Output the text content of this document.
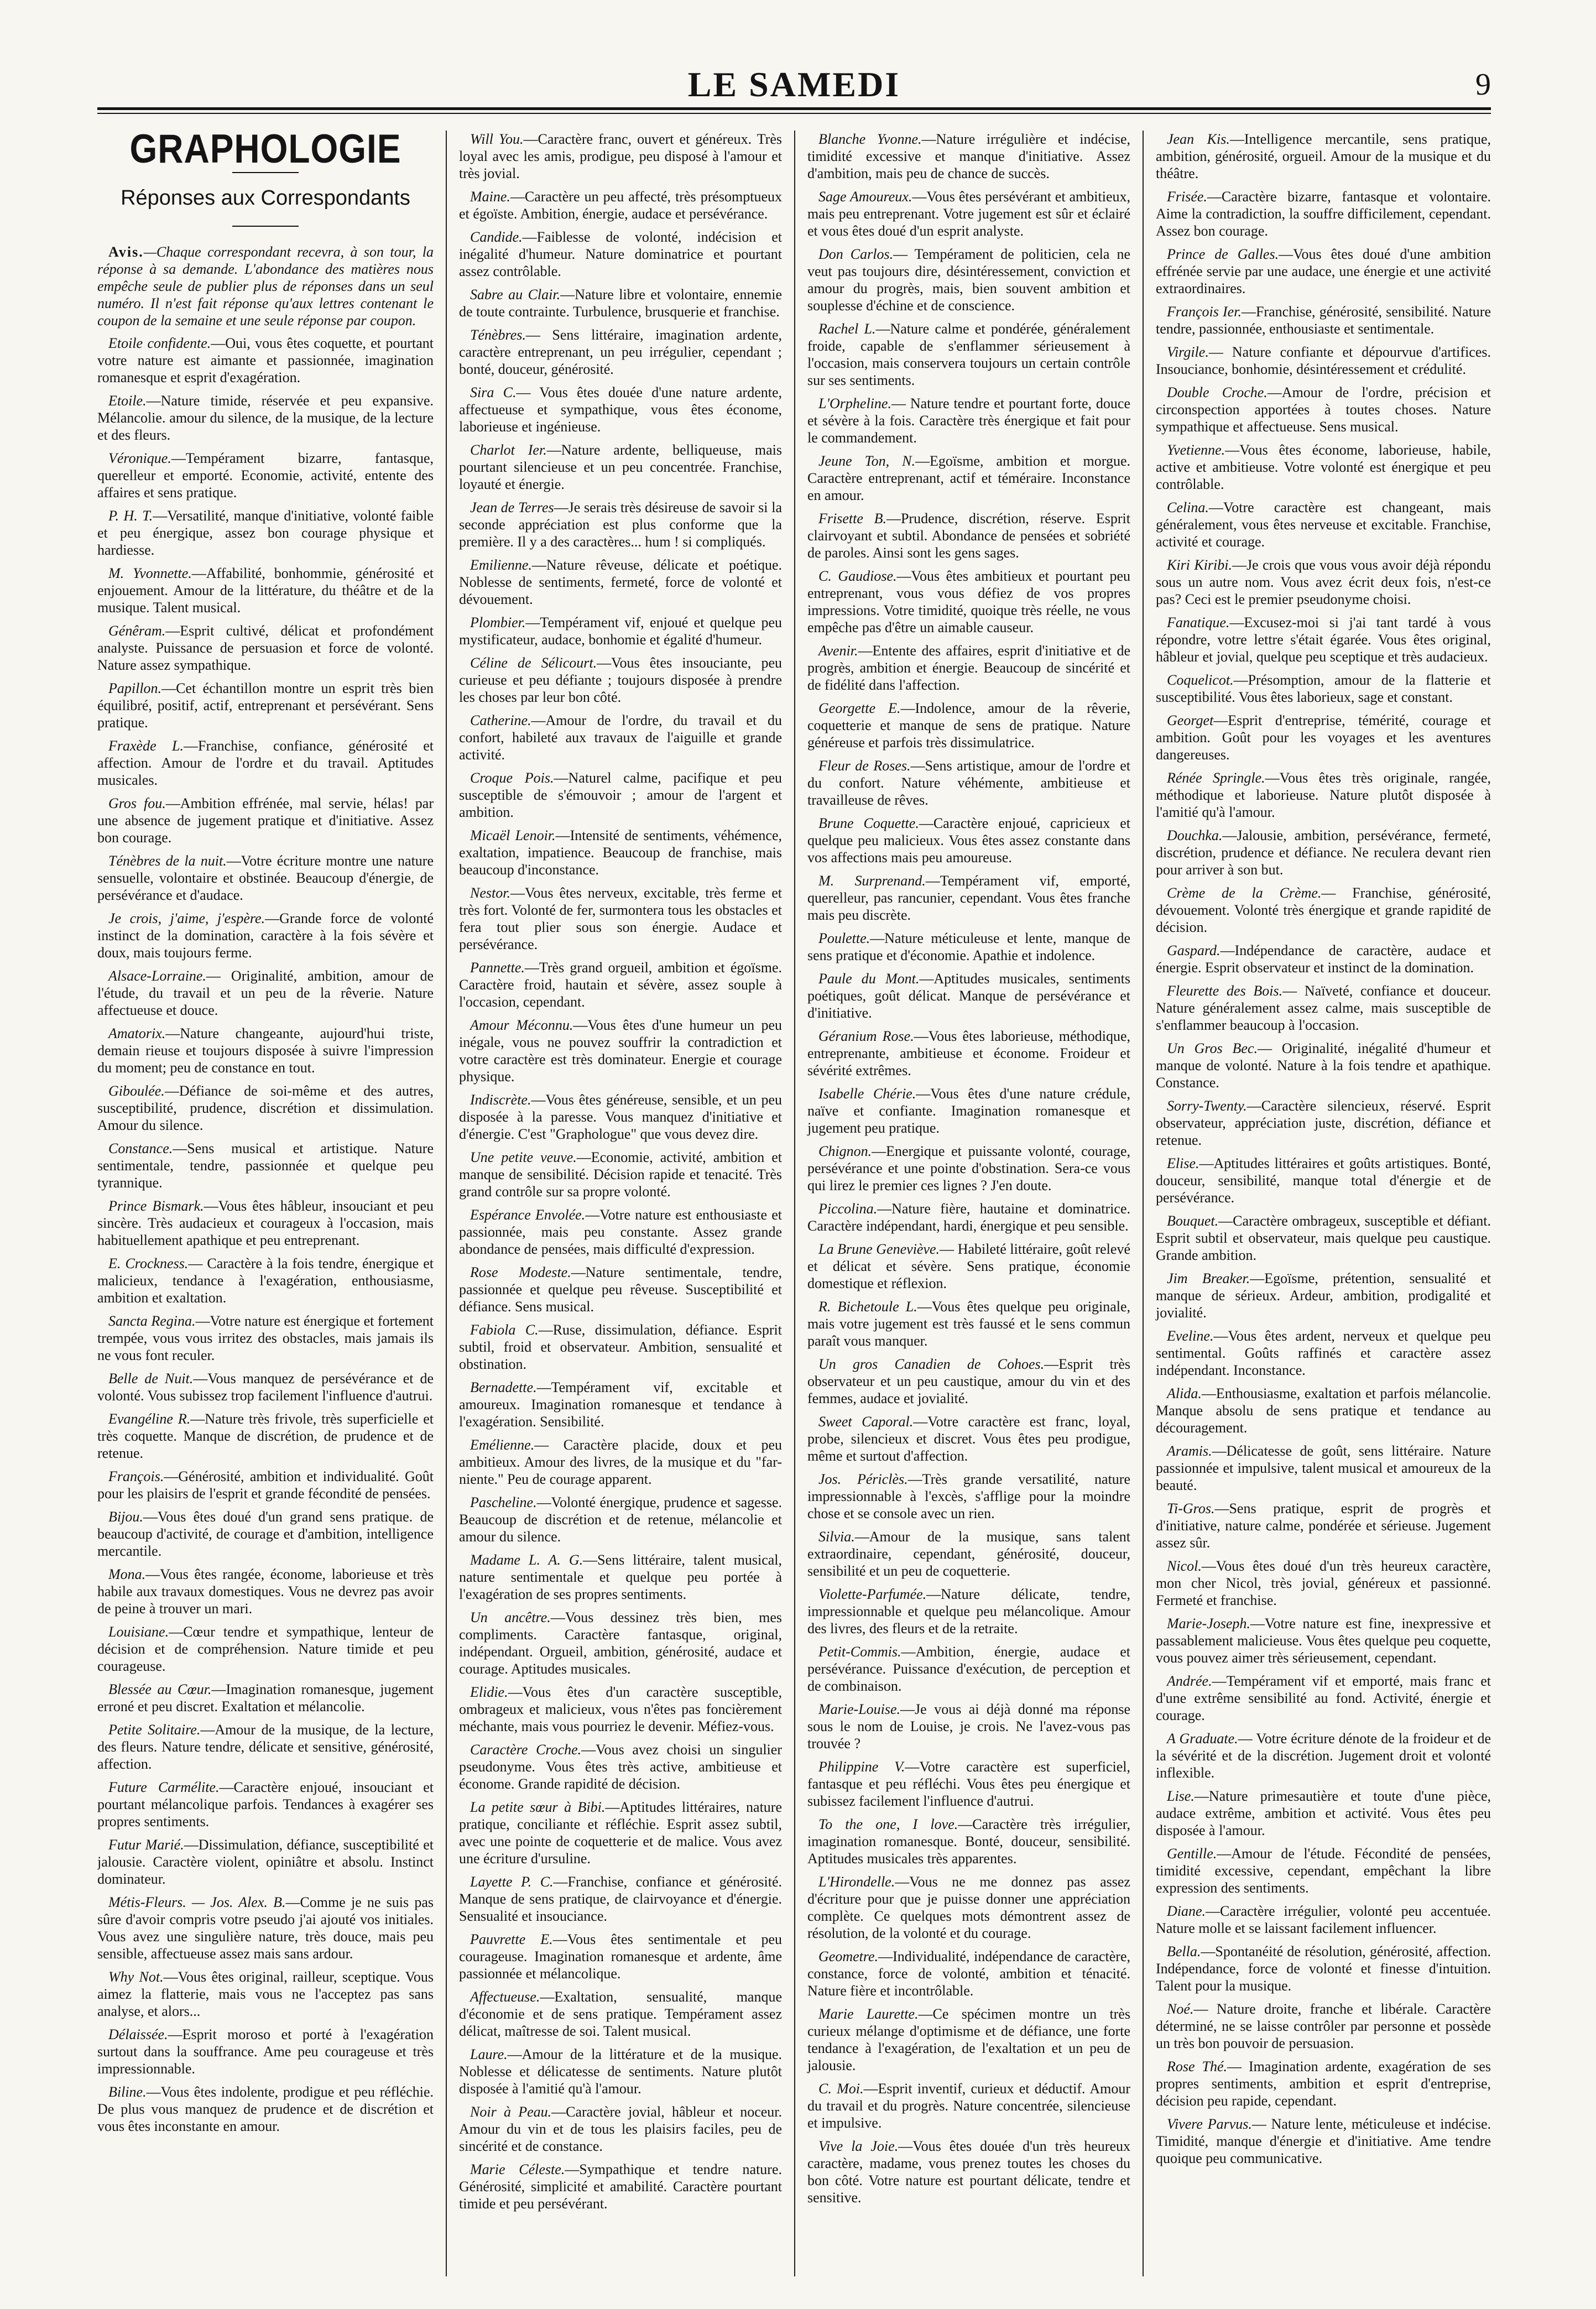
LE SAMEDI	9
GRAPHOLOGIE
Réponses aux Correspondants

Avis.—Chaque correspondant recevra, à son tour, la réponse à sa demande. L'abondance des matières nous empêche seule de publier plus de réponses dans un seul numéro. Il n'est fait réponse qu'aux lettres contenant le coupon de la semaine et une seule réponse par coupon.

Etoile confidente.—Oui, vous êtes coquette, et pourtant votre nature est aimante et passionnée, imagination romanesque et esprit d'exagération.

Etoile.—Nature timide, réservée et peu expansive. Mélancolie. amour du silence, de la musique, de la lecture et des fleurs.

Véronique.—Tempérament bizarre, fantasque, querelleur et emporté. Economie, activité, entente des affaires et sens pratique.

P. H. T.—Versatilité, manque d'initiative, volonté faible et peu énergique, assez bon courage physique et hardiesse.

M. Yvonnette.—Affabilité, bonhommie, générosité et enjouement. Amour de la littérature, du théâtre et de la musique. Talent musical.

Génêram.—Esprit cultivé, délicat et profondément analyste. Puissance de persuasion et force de volonté. Nature assez sympathique.

Papillon.—Cet échantillon montre un esprit très bien équilibré, positif, actif, entreprenant et persévérant. Sens pratique.

Fraxède L.—Franchise, confiance, générosité et affection. Amour de l'ordre et du travail. Aptitudes musicales.

Gros fou.—Ambition effrénée, mal servie, hélas! par une absence de jugement pratique et d'initiative. Assez bon courage.

Ténèbres de la nuit.—Votre écriture montre une nature sensuelle, volontaire et obstinée. Beaucoup d'énergie, de persévérance et d'audace.

Je crois, j'aime, j'espère.—Grande force de volonté instinct de la domination, caractère à la fois sévère et doux, mais toujours ferme.

Alsace-Lorraine.— Originalité, ambition, amour de l'étude, du travail et un peu de la rêverie. Nature affectueuse et douce.

Amatorix.—Nature changeante, aujourd'hui triste, demain rieuse et toujours disposée à suivre l'impression du moment; peu de constance en tout.

Giboulée.—Défiance de soi-même et des autres, susceptibilité, prudence, discrétion et dissimulation. Amour du silence.

Constance.—Sens musical et artistique. Nature sentimentale, tendre, passionnée et quelque peu tyrannique.

Prince Bismark.—Vous êtes hâbleur, insouciant et peu sincère. Très audacieux et courageux à l'occasion, mais habituellement apathique et peu entreprenant.

E. Crockness.— Caractère à la fois tendre, énergique et malicieux, tendance à l'exagération, enthousiasme, ambition et exaltation.

Sancta Regina.—Votre nature est énergique et fortement trempée, vous vous irritez des obstacles, mais jamais ils ne vous font reculer.

Belle de Nuit.—Vous manquez de persévérance et de volonté. Vous subissez trop facilement l'influence d'autrui.

Evangéline R.—Nature très frivole, très superficielle et très coquette. Manque de discrétion, de prudence et de retenue.

François.—Générosité, ambition et individualité. Goût pour les plaisirs de l'esprit et grande fécondité de pensées.

Bijou.—Vous êtes doué d'un grand sens pratique. de beaucoup d'activité, de courage et d'ambition, intelligence mercantile.

Mona.—Vous êtes rangée, économe, laborieuse et très habile aux travaux domestiques. Vous ne devrez pas avoir de peine à trouver un mari.

Louisiane.—Cœur tendre et sympathique, lenteur de décision et de compréhension. Nature timide et peu courageuse.

Blessée au Cœur.—Imagination romanesque, jugement erroné et peu discret. Exaltation et mélancolie.

Petite Solitaire.—Amour de la musique, de la lecture, des fleurs. Nature tendre, délicate et sensitive, générosité, affection.

Future Carmélite.—Caractère enjoué, insouciant et pourtant mélancolique parfois. Tendances à exagérer ses propres sentiments.

Futur Marié.—Dissimulation, défiance, susceptibilité et jalousie. Caractère violent, opiniâtre et absolu. Instinct dominateur.

Métis-Fleurs. — Jos. Alex. B.—Comme je ne suis pas sûre d'avoir compris votre pseudo j'ai ajouté vos initiales. Vous avez une singulière nature, très douce, mais peu sensible, affectueuse assez mais sans ardour.

Why Not.—Vous êtes original, railleur, sceptique. Vous aimez la flatterie, mais vous ne l'acceptez pas sans analyse, et alors...

Délaissée.—Esprit moroso et porté à l'exagération surtout dans la souffrance. Ame peu courageuse et très impressionnable.

Biline.—Vous êtes indolente, prodigue et peu réfléchie. De plus vous manquez de prudence et de discrétion et vous êtes inconstante en amour.

Will You.—Caractère franc, ouvert et généreux. Très loyal avec les amis, prodigue, peu disposé à l'amour et très jovial.

Maine.—Caractère un peu affecté, très présomptueux et égoïste. Ambition, énergie, audace et persévérance.

Candide.—Faiblesse de volonté, indécision et inégalité d'humeur. Nature dominatrice et pourtant assez contrôlable.

Sabre au Clair.—Nature libre et volontaire, ennemie de toute contrainte. Turbulence, brusquerie et franchise.

Ténèbres.— Sens littéraire, imagination ardente, caractère entreprenant, un peu irrégulier, cependant ; bonté, douceur, générosité.

Sira C.— Vous êtes douée d'une nature ardente, affectueuse et sympathique, vous êtes économe, laborieuse et ingénieuse.

Charlot Ier.—Nature ardente, belliqueuse, mais pourtant silencieuse et un peu concentrée. Franchise, loyauté et énergie.

Jean de Terres—Je serais très désireuse de savoir si la seconde appréciation est plus conforme que la première. Il y a des caractères... hum ! si compliqués.

Emilienne.—Nature rêveuse, délicate et poétique. Noblesse de sentiments, fermeté, force de volonté et dévouement.

Plombier.—Tempérament vif, enjoué et quelque peu mystificateur, audace, bonhomie et égalité d'humeur.

Céline de Sélicourt.—Vous êtes insouciante, peu curieuse et peu défiante ; toujours disposée à prendre les choses par leur bon côté.

Catherine.—Amour de l'ordre, du travail et du confort, habileté aux travaux de l'aiguille et grande activité.

Croque Pois.—Naturel calme, pacifique et peu susceptible de s'émouvoir ; amour de l'argent et ambition.

Micaël Lenoir.—Intensité de sentiments, véhémence, exaltation, impatience. Beaucoup de franchise, mais beaucoup d'inconstance.

Nestor.—Vous êtes nerveux, excitable, très ferme et très fort. Volonté de fer, surmontera tous les obstacles et fera tout plier sous son énergie. Audace et persévérance.

Pannette.—Très grand orgueil, ambition et égoïsme. Caractère froid, hautain et sévère, assez souple à l'occasion, cependant.

Amour Méconnu.—Vous êtes d'une humeur un peu inégale, vous ne pouvez souffrir la contradiction et votre caractère est très dominateur. Energie et courage physique.

Indiscrète.—Vous êtes généreuse, sensible, et un peu disposée à la paresse. Vous manquez d'initiative et d'énergie. C'est "Graphologue" que vous devez dire.

Une petite veuve.—Economie, activité, ambition et manque de sensibilité. Décision rapide et tenacité. Très grand contrôle sur sa propre volonté.

Espérance Envolée.—Votre nature est enthousiaste et passionnée, mais peu constante. Assez grande abondance de pensées, mais difficulté d'expression.

Rose Modeste.—Nature sentimentale, tendre, passionnée et quelque peu rêveuse. Susceptibilité et défiance. Sens musical.

Fabiola C.—Ruse, dissimulation, défiance. Esprit subtil, froid et observateur. Ambition, sensualité et obstination.

Bernadette.—Tempérament vif, excitable et amoureux. Imagination romanesque et tendance à l'exagération. Sensibilité.

Emélienne.— Caractère placide, doux et peu ambitieux. Amour des livres, de la musique et du "far-niente." Peu de courage apparent.

Pascheline.—Volonté énergique, prudence et sagesse. Beaucoup de discrétion et de retenue, mélancolie et amour du silence.

Madame L. A. G.—Sens littéraire, talent musical, nature sentimentale et quelque peu portée à l'exagération de ses propres sentiments.

Un ancêtre.—Vous dessinez très bien, mes compliments. Caractère fantasque, original, indépendant. Orgueil, ambition, générosité, audace et courage. Aptitudes musicales.

Elidie.—Vous êtes d'un caractère susceptible, ombrageux et malicieux, vous n'êtes pas foncièrement méchante, mais vous pourriez le devenir. Méfiez-vous.

Caractère Croche.—Vous avez choisi un singulier pseudonyme. Vous êtes très active, ambitieuse et économe. Grande rapidité de décision.

La petite sœur à Bibi.—Aptitudes littéraires, nature pratique, conciliante et réfléchie. Esprit assez subtil, avec une pointe de coquetterie et de malice. Vous avez une écriture d'ursuline.

Layette P. C.—Franchise, confiance et générosité. Manque de sens pratique, de clairvoyance et d'énergie. Sensualité et insouciance.

Pauvrette E.—Vous êtes sentimentale et peu courageuse. Imagination romanesque et ardente, âme passionnée et mélancolique.

Affectueuse.—Exaltation, sensualité, manque d'économie et de sens pratique. Tempérament assez délicat, maîtresse de soi. Talent musical.

Laure.—Amour de la littérature et de la musique. Noblesse et délicatesse de sentiments. Nature plutôt disposée à l'amitié qu'à l'amour.

Noir à Peau.—Caractère jovial, hâbleur et noceur. Amour du vin et de tous les plaisirs faciles, peu de sincérité et de constance.

Marie Céleste.—Sympathique et tendre nature. Générosité, simplicité et amabilité. Caractère pourtant timide et peu persévérant.

Blanche Yvonne.—Nature irrégulière et indécise, timidité excessive et manque d'initiative. Assez d'ambition, mais peu de chance de succès.

Sage Amoureux.—Vous êtes persévérant et ambitieux, mais peu entreprenant. Votre jugement est sûr et éclairé et vous êtes doué d'un esprit analyste.

Don Carlos.— Tempérament de politicien, cela ne veut pas toujours dire, désintéressement, conviction et amour du progrès, mais, bien souvent ambition et souplesse d'échine et de conscience.

Rachel L.—Nature calme et pondérée, généralement froide, capable de s'enflammer sérieusement à l'occasion, mais conservera toujours un certain contrôle sur ses sentiments.

L'Orpheline.— Nature tendre et pourtant forte, douce et sévère à la fois. Caractère très énergique et fait pour le commandement.

Jeune Ton, N.—Egoïsme, ambition et morgue. Caractère entreprenant, actif et téméraire. Inconstance en amour.

Frisette B.—Prudence, discrétion, réserve. Esprit clairvoyant et subtil. Abondance de pensées et sobriété de paroles. Ainsi sont les gens sages.

C. Gaudiose.—Vous êtes ambitieux et pourtant peu entreprenant, vous vous défiez de vos propres impressions. Votre timidité, quoique très réelle, ne vous empêche pas d'être un aimable causeur.

Avenir.—Entente des affaires, esprit d'initiative et de progrès, ambition et énergie. Beaucoup de sincérité et de fidélité dans l'affection.

Georgette E.—Indolence, amour de la rêverie, coquetterie et manque de sens de pratique. Nature généreuse et parfois très dissimulatrice.

Fleur de Roses.—Sens artistique, amour de l'ordre et du confort. Nature véhémente, ambitieuse et travailleuse de rêves.

Brune Coquette.—Caractère enjoué, capricieux et quelque peu malicieux. Vous êtes assez constante dans vos affections mais peu amoureuse.

M. Surprenand.—Tempérament vif, emporté, querelleur, pas rancunier, cependant. Vous êtes franche mais peu discrète.

Poulette.—Nature méticuleuse et lente, manque de sens pratique et d'économie. Apathie et indolence.

Paule du Mont.—Aptitudes musicales, sentiments poétiques, goût délicat. Manque de persévérance et d'initiative.

Géranium Rose.—Vous êtes laborieuse, méthodique, entreprenante, ambitieuse et économe. Froideur et sévérité extrêmes.

Isabelle Chérie.—Vous êtes d'une nature crédule, naïve et confiante. Imagination romanesque et jugement peu pratique.

Chignon.—Energique et puissante volonté, courage, persévérance et une pointe d'obstination. Sera-ce vous qui lirez le premier ces lignes ? J'en doute.

Piccolina.—Nature fière, hautaine et dominatrice. Caractère indépendant, hardi, énergique et peu sensible.

La Brune Geneviève.— Habileté littéraire, goût relevé et délicat et sévère. Sens pratique, économie domestique et réflexion.

R. Bichetoule L.—Vous êtes quelque peu originale, mais votre jugement est très faussé et le sens commun paraît vous manquer.

Un gros Canadien de Cohoes.—Esprit très observateur et un peu caustique, amour du vin et des femmes, audace et jovialité.

Sweet Caporal.—Votre caractère est franc, loyal, probe, silencieux et discret. Vous êtes peu prodigue, même et surtout d'affection.

Jos. Périclès.—Très grande versatilité, nature impressionnable à l'excès, s'afflige pour la moindre chose et se console avec un rien.

Silvia.—Amour de la musique, sans talent extraordinaire, cependant, générosité, douceur, sensibilité et un peu de coquetterie.

Violette-Parfumée.—Nature délicate, tendre, impressionnable et quelque peu mélancolique. Amour des livres, des fleurs et de la retraite.

Petit-Commis.—Ambition, énergie, audace et persévérance. Puissance d'exécution, de perception et de combinaison.

Marie-Louise.—Je vous ai déjà donné ma réponse sous le nom de Louise, je crois. Ne l'avez-vous pas trouvée ?

Philippine V.—Votre caractère est superficiel, fantasque et peu réfléchi. Vous êtes peu énergique et subissez facilement l'influence d'autrui.

To the one, I love.—Caractère très irrégulier, imagination romanesque. Bonté, douceur, sensibilité. Aptitudes musicales très apparentes.

L'Hirondelle.—Vous ne me donnez pas assez d'écriture pour que je puisse donner une appréciation complète. Ce quelques mots démontrent assez de résolution, de la volonté et du courage.

Geometre.—Individualité, indépendance de caractère, constance, force de volonté, ambition et ténacité. Nature fière et incontrôlable.

Marie Laurette.—Ce spécimen montre un très curieux mélange d'optimisme et de défiance, une forte tendance à l'exagération, de l'exaltation et un peu de jalousie.

C. Moi.—Esprit inventif, curieux et déductif. Amour du travail et du progrès. Nature concentrée, silencieuse et impulsive.

Vive la Joie.—Vous êtes douée d'un très heureux caractère, madame, vous prenez toutes les choses du bon côté. Votre nature est pourtant délicate, tendre et sensitive.

Jean Kis.—Intelligence mercantile, sens pratique, ambition, générosité, orgueil. Amour de la musique et du théâtre.

Frisée.—Caractère bizarre, fantasque et volontaire. Aime la contradiction, la souffre difficilement, cependant. Assez bon courage.

Prince de Galles.—Vous êtes doué d'une ambition effrénée servie par une audace, une énergie et une activité extraordinaires.

François Ier.—Franchise, générosité, sensibilité. Nature tendre, passionnée, enthousiaste et sentimentale.

Virgile.— Nature confiante et dépourvue d'artifices. Insouciance, bonhomie, désintéressement et crédulité.

Double Croche.—Amour de l'ordre, précision et circonspection apportées à toutes choses. Nature sympathique et affectueuse. Sens musical.

Yvetienne.—Vous êtes économe, laborieuse, habile, active et ambitieuse. Votre volonté est énergique et peu contrôlable.

Celina.—Votre caractère est changeant, mais généralement, vous êtes nerveuse et excitable. Franchise, activité et courage.

Kiri Kiribi.—Je crois que vous vous avoir déjà répondu sous un autre nom. Vous avez écrit deux fois, n'est-ce pas? Ceci est le premier pseudonyme choisi.

Fanatique.—Excusez-moi si j'ai tant tardé à vous répondre, votre lettre s'était égarée. Vous êtes original, hâbleur et jovial, quelque peu sceptique et très audacieux.

Coquelicot.—Présomption, amour de la flatterie et susceptibilité. Vous êtes laborieux, sage et constant.

Georget—Esprit d'entreprise, témérité, courage et ambition. Goût pour les voyages et les aventures dangereuses.

Rénée Springle.—Vous êtes très originale, rangée, méthodique et laborieuse. Nature plutôt disposée à l'amitié qu'à l'amour.

Douchka.—Jalousie, ambition, persévérance, fermeté, discrétion, prudence et défiance. Ne reculera devant rien pour arriver à son but.

Crème de la Crème.— Franchise, générosité, dévouement. Volonté très énergique et grande rapidité de décision.

Gaspard.—Indépendance de caractère, audace et énergie. Esprit observateur et instinct de la domination.

Fleurette des Bois.— Naïveté, confiance et douceur. Nature généralement assez calme, mais susceptible de s'enflammer beaucoup à l'occasion.

Un Gros Bec.— Originalité, inégalité d'humeur et manque de volonté. Nature à la fois tendre et apathique. Constance.

Sorry-Twenty.—Caractère silencieux, réservé. Esprit observateur, appréciation juste, discrétion, défiance et retenue.

Elise.—Aptitudes littéraires et goûts artistiques. Bonté, douceur, sensibilité, manque total d'énergie et de persévérance.

Bouquet.—Caractère ombrageux, susceptible et défiant. Esprit subtil et observateur, mais quelque peu caustique. Grande ambition.

Jim Breaker.—Egoïsme, prétention, sensualité et manque de sérieux. Ardeur, ambition, prodigalité et jovialité.

Eveline.—Vous êtes ardent, nerveux et quelque peu sentimental. Goûts raffinés et caractère assez indépendant. Inconstance.

Alida.—Enthousiasme, exaltation et parfois mélancolie. Manque absolu de sens pratique et tendance au découragement.

Aramis.—Délicatesse de goût, sens littéraire. Nature passionnée et impulsive, talent musical et amoureux de la beauté.

Ti-Gros.—Sens pratique, esprit de progrès et d'initiative, nature calme, pondérée et sérieuse. Jugement assez sûr.

Nicol.—Vous êtes doué d'un très heureux caractère, mon cher Nicol, très jovial, généreux et passionné. Fermeté et franchise.

Marie-Joseph.—Votre nature est fine, inexpressive et passablement malicieuse. Vous êtes quelque peu coquette, vous pouvez aimer très sérieusement, cependant.

Andrée.—Tempérament vif et emporté, mais franc et d'une extrême sensibilité au fond. Activité, énergie et courage.

A Graduate.— Votre écriture dénote de la froideur et de la sévérité et de la discrétion. Jugement droit et volonté inflexible.

Lise.—Nature primesautière et toute d'une pièce, audace extrême, ambition et activité. Vous êtes peu disposée à l'amour.

Gentille.—Amour de l'étude. Fécondité de pensées, timidité excessive, cependant, empêchant la libre expression des sentiments.

Diane.—Caractère irrégulier, volonté peu accentuée. Nature molle et se laissant facilement influencer.

Bella.—Spontanéité de résolution, générosité, affection. Indépendance, force de volonté et finesse d'intuition. Talent pour la musique.

Noé.— Nature droite, franche et libérale. Caractère déterminé, ne se laisse contrôler par personne et possède un très bon pouvoir de persuasion.

Rose Thé.— Imagination ardente, exagération de ses propres sentiments, ambition et esprit d'entreprise, décision peu rapide, cependant.

Vivere Parvus.— Nature lente, méticuleuse et indécise. Timidité, manque d'énergie et d'initiative. Ame tendre quoique peu communicative.
